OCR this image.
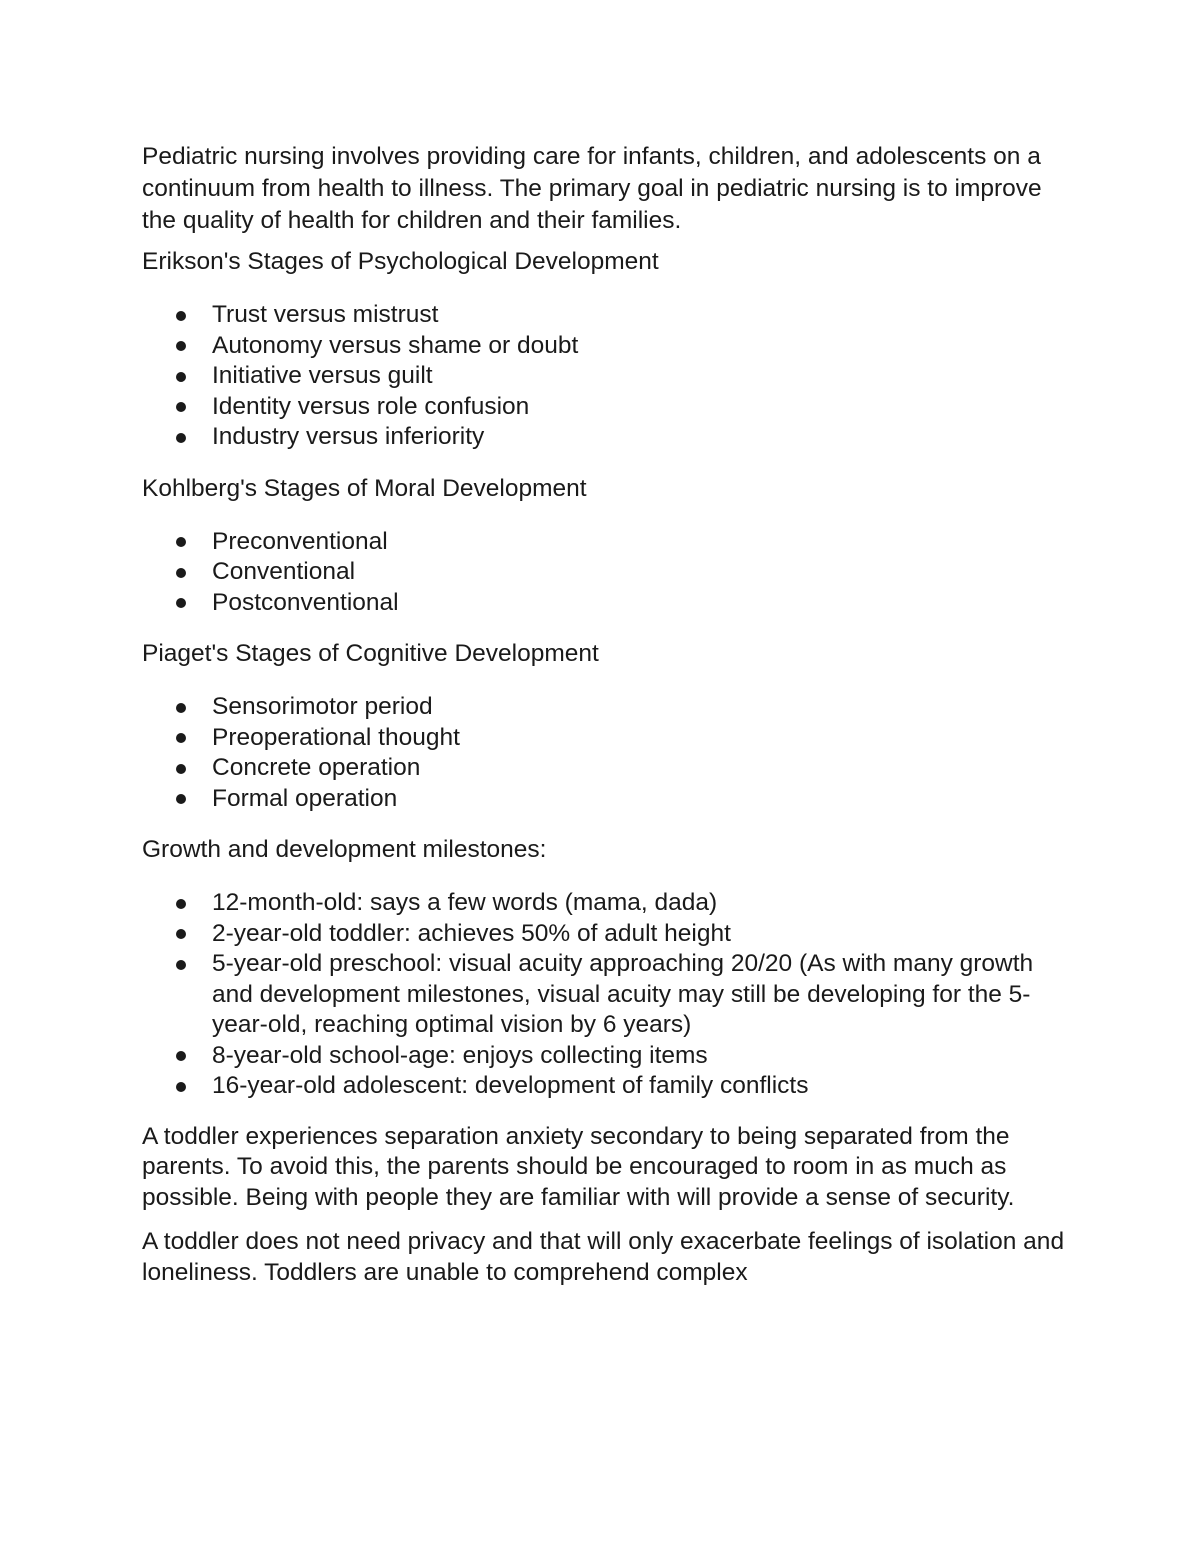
Pediatric nursing involves providing care for infants, children, and adolescents on a continuum from health to illness. The primary goal in pediatric nursing is to improve the quality of health for children and their families.

Erikson's Stages of Psychological Development

Trust versus mistrust
Autonomy versus shame or doubt
Initiative versus guilt
Identity versus role confusion
Industry versus inferiority

Kohlberg's Stages of Moral Development

Preconventional
Conventional
Postconventional

Piaget's Stages of Cognitive Development

Sensorimotor period
Preoperational thought
Concrete operation
Formal operation

Growth and development milestones:

12-month-old: says a few words (mama, dada)
2-year-old toddler: achieves 50% of adult height
5-year-old preschool: visual acuity approaching 20/20 (As with many growth and development milestones, visual acuity may still be developing for the 5-year-old, reaching optimal vision by 6 years)
8-year-old school-age: enjoys collecting items
16-year-old adolescent: development of family conflicts

A toddler experiences separation anxiety secondary to being separated from the parents. To avoid this, the parents should be encouraged to room in as much as possible. Being with people they are familiar with will provide a sense of security.

A toddler does not need privacy and that will only exacerbate feelings of isolation and loneliness. Toddlers are unable to comprehend complex
